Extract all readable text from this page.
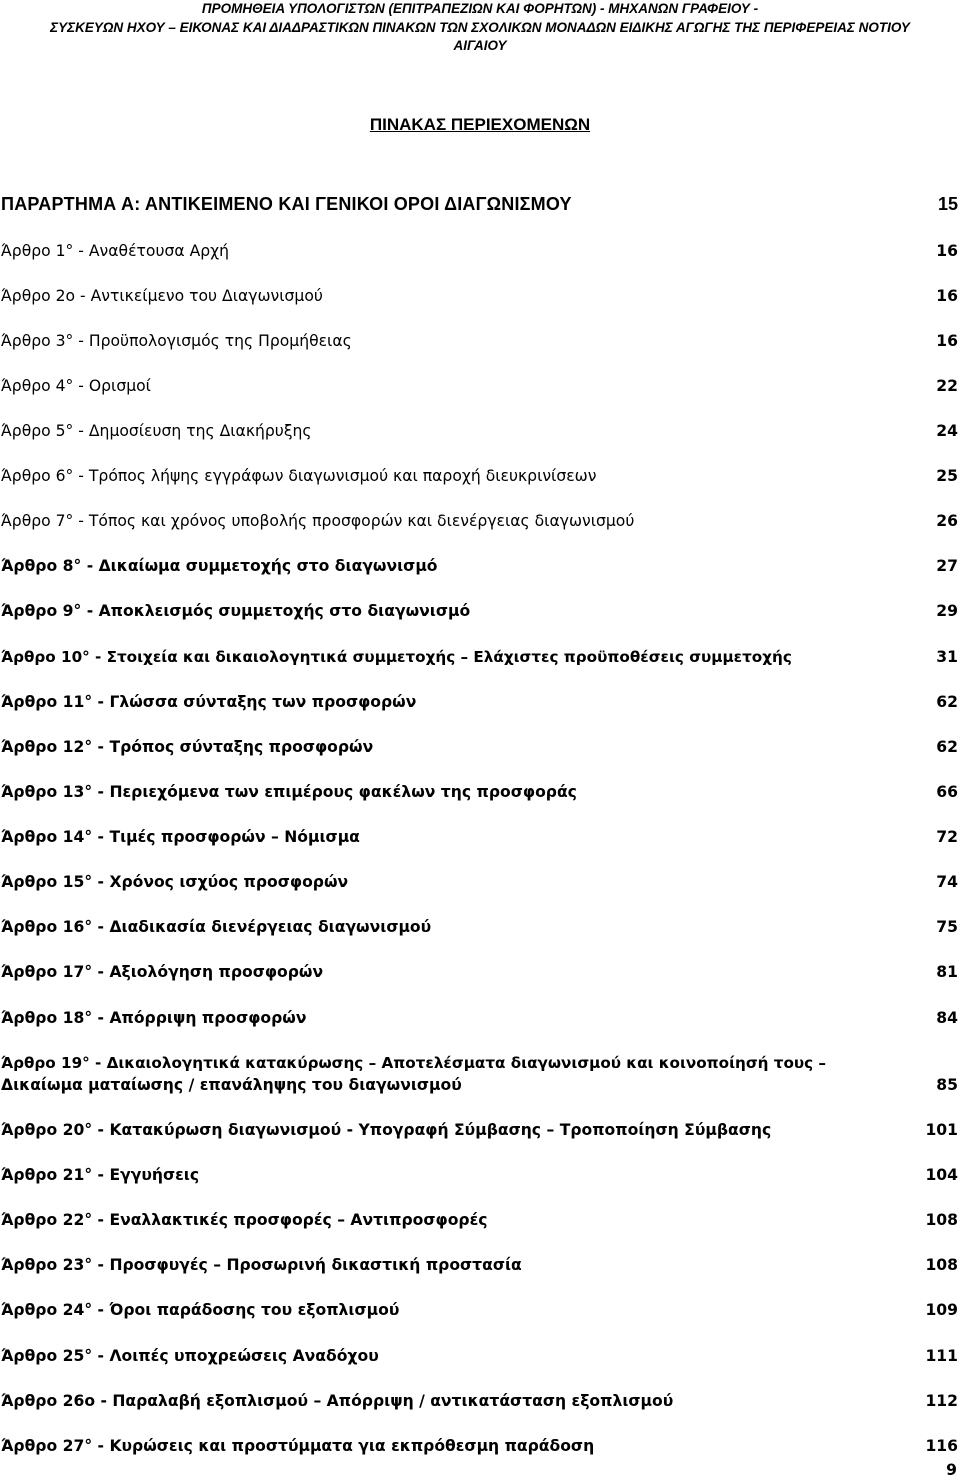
ΠΡΟΜΗΘΕΙΑ ΥΠΟΛΟΓΙΣΤΩΝ (ΕΠΙΤΡΑΠΕΖΙΩΝ ΚΑΙ ΦΟΡΗΤΩΝ) - ΜΗΧΑΝΩΝ ΓΡΑΦΕΙΟΥ -
ΣΥΣΚΕΥΩΝ ΗΧΟΥ – ΕΙΚΟΝΑΣ ΚΑΙ ΔΙΑΔΡΑΣΤΙΚΩΝ ΠΙΝΑΚΩΝ ΤΩΝ ΣΧΟΛΙΚΩΝ ΜΟΝΑΔΩΝ ΕΙΔΙΚΗΣ ΑΓΩΓΗΣ ΤΗΣ ΠΕΡΙΦΕΡΕΙΑΣ ΝΟΤΙΟΥ
ΑΙΓΑΙΟΥ
ΠΙΝΑΚΑΣ ΠΕΡΙΕΧΟΜΕΝΩΝ
ΠΑΡΑΡΤΗΜΑ Α: ΑΝΤΙΚΕΙΜΕΝΟ ΚΑΙ ΓΕΝΙΚΟΙ ΟΡΟΙ ΔΙΑΓΩΝΙΣΜΟΥ	15
Άρθρο 1° - Αναθέτουσα Αρχή	16
Άρθρο 2ο - Αντικείμενο του Διαγωνισμού	16
Άρθρο 3° - Προϋπολογισμός της Προμήθειας	16
Άρθρο 4° - Ορισμοί	22
Άρθρο 5° - Δημοσίευση της Διακήρυξης	24
Άρθρο 6° - Τρόπος λήψης εγγράφων διαγωνισμού και παροχή διευκρινίσεων	25
Άρθρο 7° - Τόπος και χρόνος υποβολής προσφορών και διενέργειας διαγωνισμού	26
Άρθρο 8° - Δικαίωμα συμμετοχής στο διαγωνισμό	27
Άρθρο 9° - Αποκλεισμός συμμετοχής στο διαγωνισμό	29
Άρθρο 10° - Στοιχεία και δικαιολογητικά συμμετοχής – Ελάχιστες προϋποθέσεις συμμετοχής	31
Άρθρο 11° - Γλώσσα σύνταξης των προσφορών	62
Άρθρο 12° - Τρόπος σύνταξης προσφορών	62
Άρθρο 13° - Περιεχόμενα των επιμέρους φακέλων της προσφοράς	66
Άρθρο 14° - Τιμές προσφορών – Νόμισμα	72
Άρθρο 15° - Χρόνος ισχύος προσφορών	74
Άρθρο 16° - Διαδικασία διενέργειας διαγωνισμού	75
Άρθρο 17° - Αξιολόγηση προσφορών	81
Άρθρο 18° - Απόρριψη προσφορών	84
Άρθρο 19° - Δικαιολογητικά κατακύρωσης – Αποτελέσματα διαγωνισμού και κοινοποίησή τους –
Δικαίωμα ματαίωσης / επανάληψης του διαγωνισμού	85
Άρθρο 20° - Κατακύρωση διαγωνισμού - Υπογραφή Σύμβασης – Τροποποίηση Σύμβασης	101
Άρθρο 21° - Εγγυήσεις	104
Άρθρο 22° - Εναλλακτικές προσφορές – Αντιπροσφορές	108
Άρθρο 23° - Προσφυγές – Προσωρινή δικαστική προστασία	108
Άρθρο 24° - Όροι παράδοσης του εξοπλισμού	109
Άρθρο 25° - Λοιπές υποχρεώσεις Αναδόχου	111
Άρθρο 26ο - Παραλαβή εξοπλισμού – Απόρριψη / αντικατάσταση εξοπλισμού	112
Άρθρο 27° - Κυρώσεις και προστύμματα για εκπρόθεσμη παράδοση	116
9
